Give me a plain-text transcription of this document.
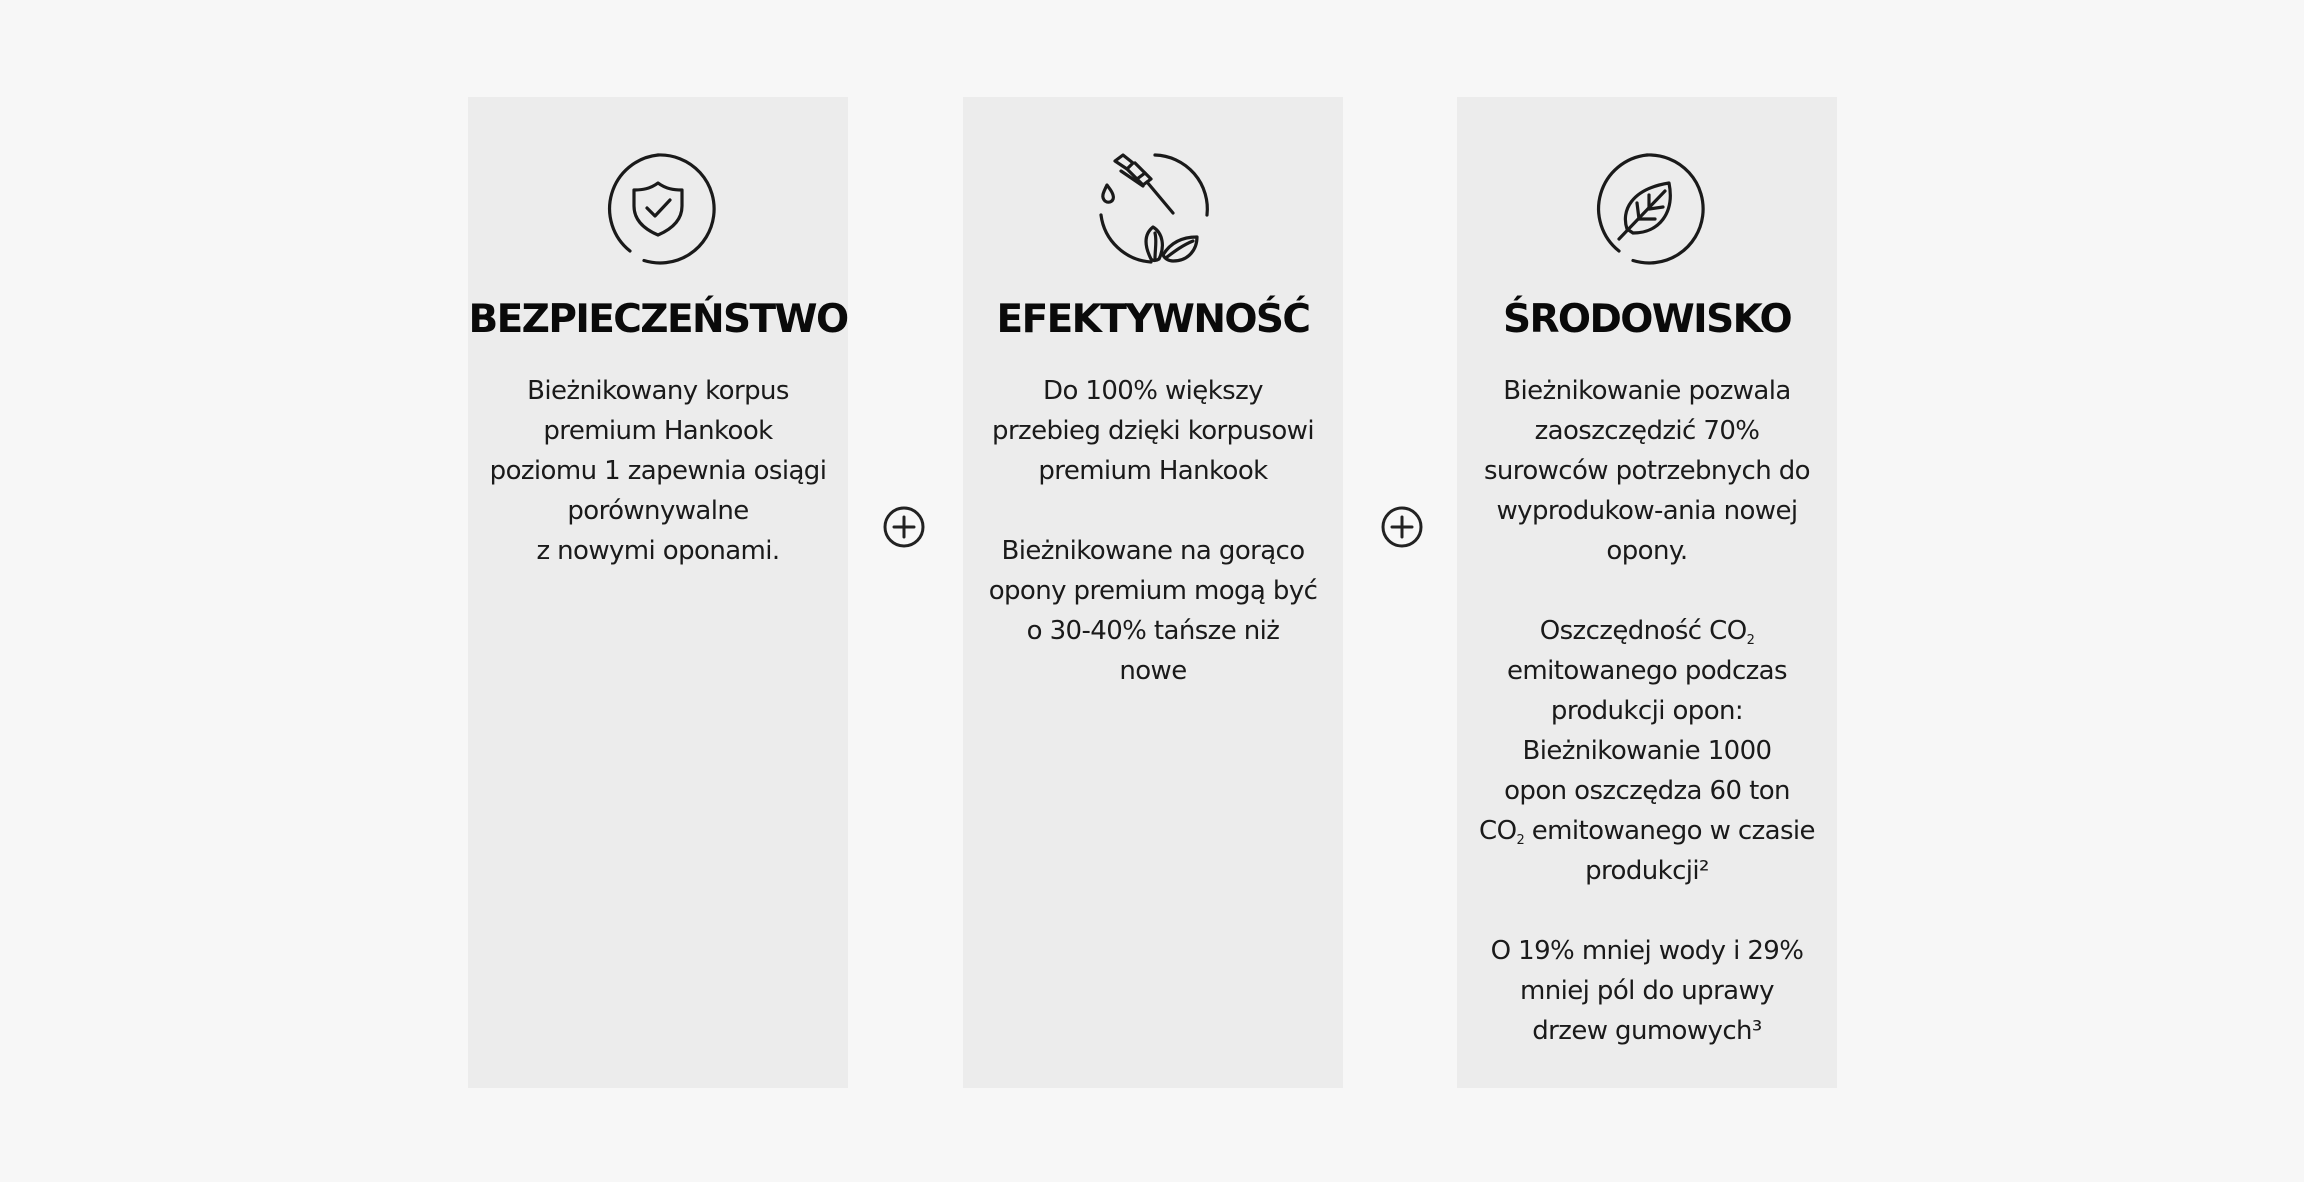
BEZPIECZEŃSTWO

Bieżnikowany korpus
premium Hankook
poziomu 1 zapewnia osiągi
porównywalne
z nowymi oponami.

EFEKTYWNOŚĆ

Do 100% większy
przebieg dzięki korpusowi
premium Hankook

Bieżnikowane na gorąco
opony premium mogą być
o 30-40% tańsze niż
nowe

ŚRODOWISKO

Bieżnikowanie pozwala
zaoszczędzić 70%
surowców potrzebnych do
wyprodukow-ania nowej
opony.

Oszczędność $CO_2$
emitowanego podczas
produkcji opon:
Bieżnikowanie 1000
opon oszczędza 60 ton
$CO_2$ emitowanego w czasie
produkcji²

O 19% mniej wody i 29%
mniej pól do uprawy
drzew gumowych³
